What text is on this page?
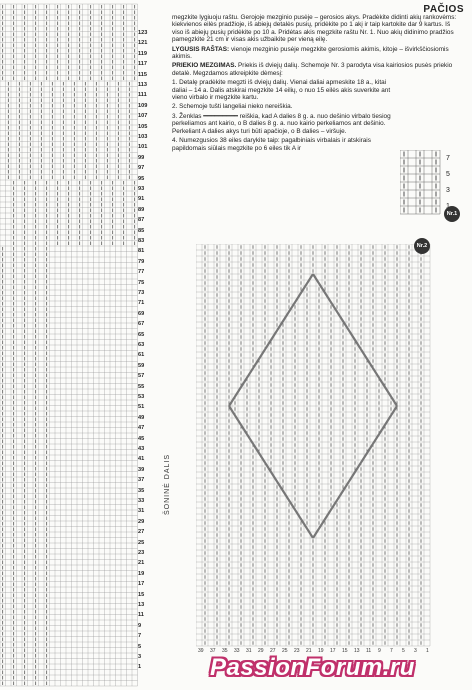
PAČIOS
123
121
119
117
115
113
111
109
107
105
103
101
99
97
95
93
91
89
87
85
83
81
79
77
75
73
71
69
67
65
63
61
59
57
55
53
51
49
47
45
43
41
39
37
35
33
31
29
27
25
23
21
19
17
15
13
11
9
7
5
3
1
ŠONINĖ DALIS

megzkite lygiuoju raštu. Gerojoje mezginio pusėje – gerosios akys. Pradėkite didinti akių rankovėms: kiekvienos eilės pradžioje, iš abiejų detalės pusių, pridėkite po 1 akį ir taip kartokite dar 9 kartus. Iš viso iš abiejų pusių pridėkite po 10 a. Pridėtas akis megzkite raštu Nr. 1. Nuo akių didinimo pradžios pamegzkite 21 cm ir visas akis užbaikite per vieną eilę.

LYGUSIS RAŠTAS: vienoje mezginio pusėje megzkite gerosiomis akimis, kitoje – išvirkščiosiomis akimis.

PRIEKIO MEZGIMAS. Priekis iš dviejų dalių. Schemoje Nr. 3 parodyta visa kairiosios pusės priekio detalė. Megzdamos atkreipkite dėmesį:

1. Detalę pradėkite megzti iš dviejų dalių. Vienai daliai apmeskite 18 a., kitai daliai – 14 a. Dalis atskirai megzkite 14 eilių, o nuo 15 eilės akis suverkite ant vieno virbalo ir megzkite kartu.

2. Schemoje tušti langeliai nieko nereiškia.

3. Ženklas ━━━━━━━━━ reiškia, kad A dalies 8 g. a. nuo dešinio virbalo tiesiog perkeliamos ant kairio, o B dalies 8 g. a. nuo kairio perkeliamos ant dešinio. Perkeliant A dalies akys turi būti apačioje, o B dalies – viršuje.

4. Numezgusios 38 eiles darykite taip: pagalbiniais virbalais ir atskirais papildomais siūlais megzkite po 6 eiles tik A ir

7
5
3
Nr.1
Nr.2
39 37 35 33 31 29 27 25 23 21 19 17 15 13 11 9 7 5 3 1
PassionForum.ru
